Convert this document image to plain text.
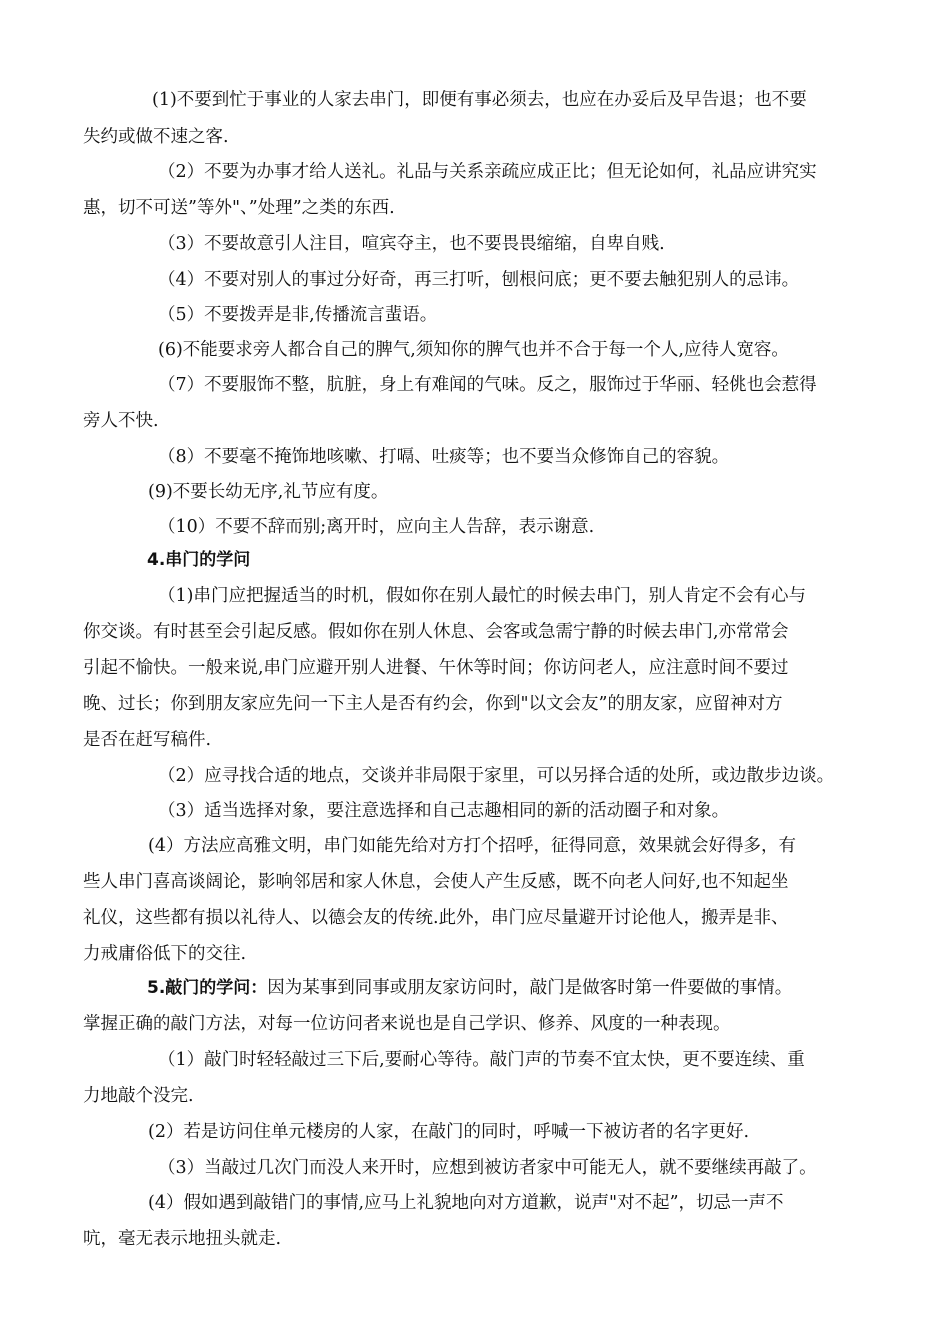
(1)不要到忙于事业的人家去串门，即便有事必须去，也应在办妥后及早告退；也不要
失约或做不速之客.
（2）不要为办事才给人送礼。礼品与关系亲疏应成正比；但无论如何，礼品应讲究实
惠，切不可送”等外"、”处理”之类的东西.
（3）不要故意引人注目，喧宾夺主，也不要畏畏缩缩，自卑自贱.
（4）不要对别人的事过分好奇，再三打听，刨根问底；更不要去触犯别人的忌讳。
（5）不要拨弄是非,传播流言蜚语。
(6)不能要求旁人都合自己的脾气,须知你的脾气也并不合于每一个人,应待人宽容。
（7）不要服饰不整，肮脏，身上有难闻的气味。反之，服饰过于华丽、轻佻也会惹得
旁人不快.
（8）不要毫不掩饰地咳嗽、打嗝、吐痰等；也不要当众修饰自己的容貌。
(9)不要长幼无序,礼节应有度。
（10）不要不辞而别;离开时，应向主人告辞，表示谢意.
4.串门的学问
（1)串门应把握适当的时机，假如你在别人最忙的时候去串门，别人肯定不会有心与
你交谈。有时甚至会引起反感。假如你在别人休息、会客或急需宁静的时候去串门,亦常常会
引起不愉快。一般来说,串门应避开别人进餐、午休等时间；你访问老人，应注意时间不要过
晚、过长；你到朋友家应先问一下主人是否有约会，你到"以文会友”的朋友家，应留神对方
是否在赶写稿件.
（2）应寻找合适的地点，交谈并非局限于家里，可以另择合适的处所，或边散步边谈。
（3）适当选择对象，要注意选择和自己志趣相同的新的活动圈子和对象。
(4）方法应高雅文明，串门如能先给对方打个招呼，征得同意，效果就会好得多，有
些人串门喜高谈阔论，影响邻居和家人休息，会使人产生反感，既不向老人问好,也不知起坐
礼仪，这些都有损以礼待人、以德会友的传统.此外，串门应尽量避开讨论他人，搬弄是非、
力戒庸俗低下的交往.
5.敲门的学问：因为某事到同事或朋友家访问时，敲门是做客时第一件要做的事情。
掌握正确的敲门方法，对每一位访问者来说也是自己学识、修养、风度的一种表现。
（1）敲门时轻轻敲过三下后,要耐心等待。敲门声的节奏不宜太快，更不要连续、重
力地敲个没完.
(2）若是访问住单元楼房的人家，在敲门的同时，呼喊一下被访者的名字更好.
（3）当敲过几次门而没人来开时，应想到被访者家中可能无人，就不要继续再敲了。
(4）假如遇到敲错门的事情,应马上礼貌地向对方道歉，说声"对不起”，切忌一声不
吭，毫无表示地扭头就走.
